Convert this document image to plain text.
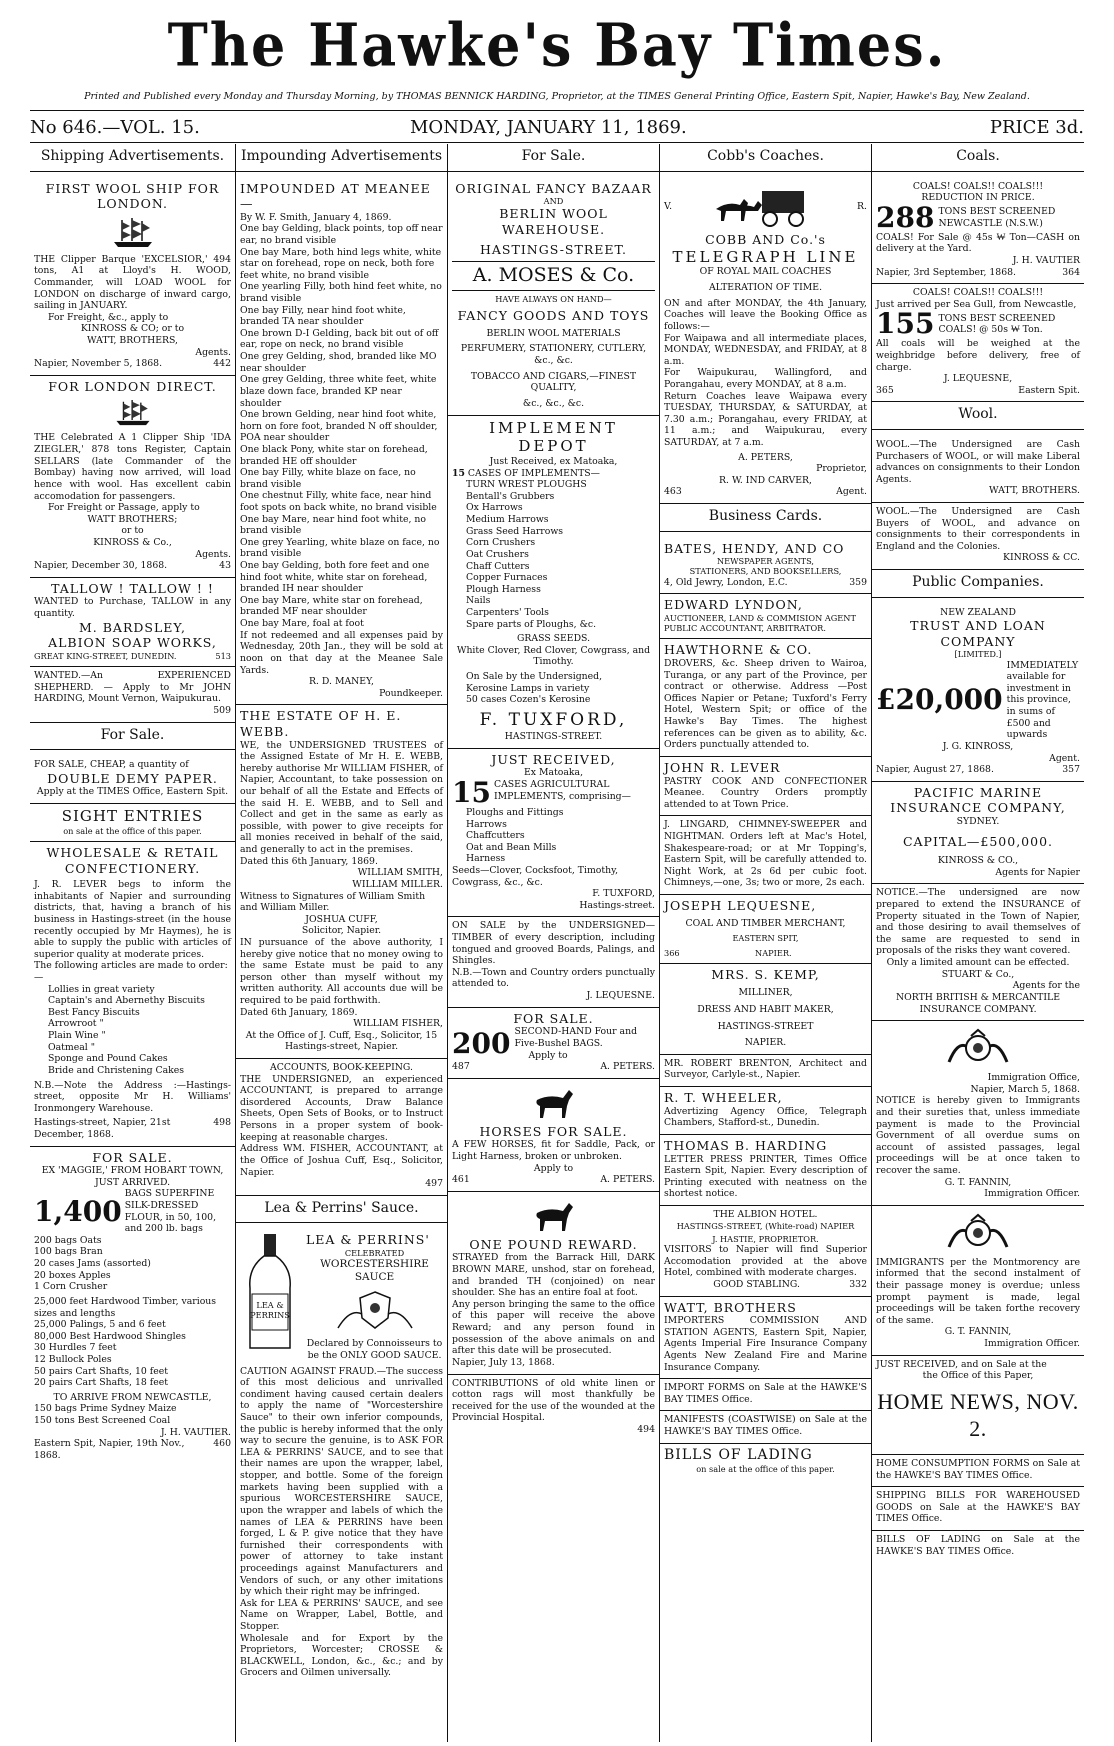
The Hawke's Bay Times.
Printed and Published every Monday and Thursday Morning, by THOMAS BENNICK HARDING, Proprietor, at the TIMES General Printing Office, Eastern Spit, Napier, Hawke's Bay, New Zealand.
No 646.—VOL. 15.	MONDAY, JANUARY 11, 1869.	PRICE 3d.
Shipping Advertisements.
FIRST WOOL SHIP FOR LONDON.
THE Clipper Barque 'EXCELSIOR,' 494 tons, A1 at Lloyd's H. WOOD, Commander, will LOAD WOOL for LONDON on discharge of inward cargo, sailing in JANUARY.
For Freight, &c., apply to
KINROSS & CO; or to
WATT, BROTHERS,
Agents.
Napier, November 5, 1868.	442
FOR LONDON DIRECT.
THE Celebrated A 1 Clipper Ship 'IDA ZIEGLER,' 878 tons Register, Captain SELLARS (late Commander of the Bombay) having now arrived, will load hence with wool. Has excellent cabin accomodation for passengers.
For Freight or Passage, apply to
WATT BROTHERS;
or to
KINROSS & Co.,
Agents.
Napier, December 30, 1868.	43
TALLOW ! TALLOW ! !
WANTED to Purchase, TALLOW in any quantity.
M. BARDSLEY,
ALBION SOAP WORKS,
GREAT KING-STREET, DUNEDIN.	513
WANTED.—An EXPERIENCED SHEPHERD. — Apply to Mr JOHN HARDING, Mount Vernon, Waipukurau.
509
For Sale.
FOR SALE, CHEAP, a quantity of
DOUBLE DEMY PAPER.
Apply at the TIMES Office, Eastern Spit.
SIGHT ENTRIES
on sale at the office of this paper.
WHOLESALE & RETAIL CONFECTIONERY.
J. R. LEVER begs to inform the inhabitants of Napier and surrounding districts, that, having a branch of his business in Hastings-street (in the house recently occupied by Mr Haymes), he is able to supply the public with articles of superior quality at moderate prices.
The following articles are made to order:—
Lollies in great variety
Captain's and Abernethy Biscuits
Best Fancy Biscuits
Arrowroot "
Plain Wine "
Oatmeal "
Sponge and Pound Cakes
Bride and Christening Cakes
N.B.—Note the Address :—Hastings-street, opposite Mr H. Williams' Ironmongery Warehouse.
Hastings-street, Napier, 21st December, 1868.
498
FOR SALE.
EX 'MAGGIE,' FROM HOBART TOWN,
JUST ARRIVED.
1,400
BAGS SUPERFINE SILK-DRESSED FLOUR, in 50, 100, and 200 lb. bags
200 bags Oats
100 bags Bran
20 cases Jams (assorted)
20 boxes Apples
1 Corn Crusher
25,000 feet Hardwood Timber, various sizes and lengths
25,000 Palings, 5 and 6 feet
80,000 Best Hardwood Shingles
30 Hurdles 7 feet
12 Bullock Poles
50 pairs Cart Shafts, 10 feet
20 pairs Cart Shafts, 18 feet
TO ARRIVE FROM NEWCASTLE,
150 bags Prime Sydney Maize
150 tons Best Screened Coal
J. H. VAUTIER.
Eastern Spit, Napier, 19th Nov., 1868.
460
Impounding Advertisements
IMPOUNDED AT MEANEE—
By W. F. Smith, January 4, 1869.
One bay Gelding, black points, top off near ear, no brand visible
One bay Mare, both hind legs white, white star on forehead, rope on neck, both fore feet white, no brand visible
One yearling Filly, both hind feet white, no brand visible
One bay Filly, near hind foot white, branded TA near shoulder
One brown D-I Gelding, back bit out of off ear, rope on neck, no brand visible
One grey Gelding, shod, branded like MO near shoulder
One grey Gelding, three white feet, white blaze down face, branded KP near shoulder
One brown Gelding, near hind foot white, horn on fore foot, branded N off shoulder, POA near shoulder
One black Pony, white star on forehead, branded HE off shoulder
One bay Filly, white blaze on face, no brand visible
One chestnut Filly, white face, near hind foot spots on back white, no brand visible
One bay Mare, near hind foot white, no brand visible
One grey Yearling, white blaze on face, no brand visible
One bay Gelding, both fore feet and one hind foot white, white star on forehead, branded IH near shoulder
One bay Mare, white star on forehead, branded MF near shoulder
One bay Mare, foal at foot
If not redeemed and all expenses paid by Wednesday, 20th Jan., they will be sold at noon on that day at the Meanee Sale Yards.
R. D. MANEY,
Poundkeeper.
THE ESTATE OF H. E. WEBB.
WE, the UNDERSIGNED TRUSTEES of the Assigned Estate of Mr H. E. WEBB, hereby authorise Mr WILLIAM FISHER, of Napier, Accountant, to take possession on our behalf of all the Estate and Effects of the said H. E. WEBB, and to Sell and Collect and get in the same as early as possible, with power to give receipts for all monies received in behalf of the said, and generally to act in the premises.
Dated this 6th January, 1869.
WILLIAM SMITH,
WILLIAM MILLER.
Witness to Signatures of William Smith and William Miller.
JOSHUA CUFF,
Solicitor, Napier.
IN pursuance of the above authority, I hereby give notice that no money owing to the same Estate must be paid to any person other than myself without my written authority. All accounts due will be required to be paid forthwith.
Dated 6th January, 1869.
WILLIAM FISHER,
At the Office of J. Cuff, Esq., Solicitor, 15 Hastings-street, Napier.
ACCOUNTS, BOOK-KEEPING.
THE UNDERSIGNED, an experienced ACCOUNTANT, is prepared to arrange disordered Accounts, Draw Balance Sheets, Open Sets of Books, or to Instruct Persons in a proper system of book-keeping at reasonable charges.
Address WM. FISHER, ACCOUNTANT, at the Office of Joshua Cuff, Esq., Solicitor, Napier.
497
Lea & Perrins' Sauce.
LEA & PERRINS
LEA & PERRINS'
CELEBRATED
WORCESTERSHIRE SAUCE
Declared by Connoisseurs to be the ONLY GOOD SAUCE.
CAUTION AGAINST FRAUD.—The success of this most delicious and unrivalled condiment having caused certain dealers to apply the name of "Worcestershire Sauce" to their own inferior compounds, the public is hereby informed that the only way to secure the genuine, is to ASK FOR LEA & PERRINS' SAUCE, and to see that their names are upon the wrapper, label, stopper, and bottle. Some of the foreign markets having been supplied with a spurious WORCESTERSHIRE SAUCE, upon the wrapper and labels of which the names of LEA & PERRINS have been forged, L & P. give notice that they have furnished their correspondents with power of attorney to take instant proceedings against Manufacturers and Vendors of such, or any other imitations by which their right may be infringed.
Ask for LEA & PERRINS' SAUCE, and see Name on Wrapper, Label, Bottle, and Stopper.
Wholesale and for Export by the Proprietors, Worcester; CROSSE & BLACKWELL, London, &c., &c.; and by Grocers and Oilmen universally.
For Sale.
ORIGINAL FANCY BAZAAR
AND
BERLIN WOOL WAREHOUSE.
HASTINGS-STREET.
A. MOSES & Co.
HAVE ALWAYS ON HAND—
FANCY GOODS AND TOYS
BERLIN WOOL MATERIALS
PERFUMERY, STATIONERY, CUTLERY, &c., &c.
TOBACCO AND CIGARS,—FINEST QUALITY,
&c., &c., &c.
IMPLEMENT DEPOT
Just Received, ex Matoaka,
15 CASES OF IMPLEMENTS—
TURN WREST PLOUGHS
Bentall's Grubbers
Ox Harrows
Medium Harrows
Grass Seed Harrows
Corn Crushers
Oat Crushers
Chaff Cutters
Copper Furnaces
Plough Harness
Nails
Carpenters' Tools
Spare parts of Ploughs, &c.
GRASS SEEDS.
White Clover, Red Clover, Cowgrass, and Timothy.
On Sale by the Undersigned,
Kerosine Lamps in variety
50 cases Cozen's Kerosine
F. TUXFORD,
HASTINGS-STREET.
JUST RECEIVED,
Ex Matoaka,
15 CASES AGRICULTURAL IMPLEMENTS, comprising—
Ploughs and Fittings
Harrows
Chaffcutters
Oat and Bean Mills
Harness
Seeds—Clover, Cocksfoot, Timothy, Cowgrass, &c., &c.
F. TUXFORD,
Hastings-street.
ON SALE by the UNDERSIGNED—TIMBER of every description, including tongued and grooved Boards, Palings, and Shingles.
N.B.—Town and Country orders punctually attended to.
J. LEQUESNE.
FOR SALE.
200 SECOND-HAND Four and Five-Bushel BAGS.
Apply to
487	A. PETERS.
HORSES FOR SALE.
A FEW HORSES, fit for Saddle, Pack, or Light Harness, broken or unbroken.
Apply to
461	A. PETERS.
ONE POUND REWARD.
STRAYED from the Barrack Hill, DARK BROWN MARE, unshod, star on forehead, and branded TH (conjoined) on near shoulder. She has an entire foal at foot.
Any person bringing the same to the office of this paper will receive the above Reward; and any person found in possession of the above animals on and after this date will be prosecuted.
Napier, July 13, 1868.
CONTRIBUTIONS of old white linen or cotton rags will most thankfully be received for the use of the wounded at the Provincial Hospital.
494
Cobb's Coaches.
V.	R.
COBB AND Co.'s
TELEGRAPH LINE
OF ROYAL MAIL COACHES
ALTERATION OF TIME.
ON and after MONDAY, the 4th January, Coaches will leave the Booking Office as follows:—
For Waipawa and all intermediate places, MONDAY, WEDNESDAY, and FRIDAY, at 8 a.m.
For Waipukurau, Wallingford, and Porangahau, every MONDAY, at 8 a.m.
Return Coaches leave Waipawa every TUESDAY, THURSDAY, & SATURDAY, at 7.30 a.m.; Porangahau, every FRIDAY, at 11 a.m.; and Waipukurau, every SATURDAY, at 7 a.m.
A. PETERS,
Proprietor,
R. W. IND CARVER,
463	Agent.
Business Cards.
BATES, HENDY, AND CO
NEWSPAPER AGENTS,
STATIONERS, AND BOOKSELLERS,
4, Old Jewry, London, E.C.	359
EDWARD LYNDON,
AUCTIONEER, LAND & COMMISION AGENT PUBLIC ACCOUNTANT, ARBITRATOR.
HAWTHORNE & CO.
DROVERS, &c. Sheep driven to Wairoa, Turanga, or any part of the Province, per contract or otherwise. Address —Post Offices Napier or Petane; Tuxford's Ferry Hotel, Western Spit; or office of the Hawke's Bay Times. The highest references can be given as to ability, &c. Orders punctually attended to.
JOHN R. LEVER
PASTRY COOK AND CONFECTIONER Meanee. Country Orders promptly attended to at Town Price.
J. LINGARD, CHIMNEY-SWEEPER and NIGHTMAN. Orders left at Mac's Hotel, Shakespeare-road; or at Mr Topping's, Eastern Spit, will be carefully attended to. Night Work, at 2s 6d per cubic foot. Chimneys,—one, 3s; two or more, 2s each.
JOSEPH LEQUESNE,
COAL AND TIMBER MERCHANT,
EASTERN SPIT,
366	NAPIER.
MRS. S. KEMP,
MILLINER,
DRESS AND HABIT MAKER,
HASTINGS-STREET
NAPIER.
MR. ROBERT BRENTON, Architect and Surveyor, Carlyle-st., Napier.
R. T. WHEELER,
Advertizing Agency Office, Telegraph Chambers, Stafford-st., Dunedin.
THOMAS B. HARDING
LETTER PRESS PRINTER, Times Office Eastern Spit, Napier. Every description of Printing executed with neatness on the shortest notice.
THE ALBION HOTEL.
HASTINGS-STREET, (White-road) NAPIER
J. HASTIE, PROPRIETOR.
VISITORS to Napier will find Superior Accomodation provided at the above Hotel, combined with moderate charges.
GOOD STABLING.	332
WATT, BROTHERS
IMPORTERS COMMISSION AND STATION AGENTS, Eastern Spit, Napier, Agents Imperial Fire Insurance Company Agents New Zealand Fire and Marine Insurance Company.
IMPORT FORMS on Sale at the HAWKE'S BAY TIMES Office.
MANIFESTS (COASTWISE) on Sale at the HAWKE'S BAY TIMES Office.
BILLS OF LADING
on sale at the office of this paper.
Coals.
COALS! COALS!! COALS!!!
REDUCTION IN PRICE.
288 TONS BEST SCREENED NEWCASTLE (N.S.W.)
COALS! For Sale @ 45s ₩ Ton—CASH on delivery at the Yard.
J. H. VAUTIER
Napier, 3rd September, 1868.	364
COALS! COALS!! COALS!!!
Just arrived per Sea Gull, from Newcastle,
155 TONS BEST SCREENED COALS! @ 50s ₩ Ton.
All coals will be weighed at the weighbridge before delivery, free of charge.
J. LEQUESNE,
365	Eastern Spit.
Wool.
WOOL.—The Undersigned are Cash Purchasers of WOOL, or will make Liberal advances on consignments to their London Agents.
WATT, BROTHERS.
WOOL.—The Undersigned are Cash Buyers of WOOL, and advance on consignments to their correspondents in England and the Colonies.
KINROSS & CC.
Public Companies.
NEW ZEALAND
TRUST AND LOAN COMPANY
[LIMITED.]
£20,000
IMMEDIATELY available for investment in this province, in sums of £500 and upwards
J. G. KINROSS,
Agent.
Napier, August 27, 1868.	357
PACIFIC MARINE INSURANCE COMPANY,
SYDNEY.
CAPITAL—£500,000.
KINROSS & CO.,
Agents for Napier
NOTICE.—The undersigned are now prepared to extend the INSURANCE of Property situated in the Town of Napier, and those desiring to avail themselves of the same are requested to send in proposals of the risks they want covered.
Only a limited amount can be effected.
STUART & Co.,
Agents for the
NORTH BRITISH & MERCANTILE INSURANCE COMPANY.
Immigration Office,
Napier, March 5, 1868.
NOTICE is hereby given to Immigrants and their sureties that, unless immediate payment is made to the Provincial Government of all overdue sums on account of assisted passages, legal proceedings will be at once taken to recover the same.
G. T. FANNIN,
Immigration Officer.
IMMIGRANTS per the Montmorency are informed that the second instalment of their passage money is overdue; unless prompt payment is made, legal proceedings will be taken forthe recovery of the same.
G. T. FANNIN,
Immigration Officer.
JUST RECEIVED, and on Sale at the
the Office of this Paper,
HOME NEWS, NOV. 2.
HOME CONSUMPTION FORMS on Sale at the HAWKE'S BAY TIMES Office.
SHIPPING BILLS FOR WAREHOUSED GOODS on Sale at the HAWKE'S BAY TIMES Office.
BILLS OF LADING on Sale at the HAWKE'S BAY TIMES Office.
